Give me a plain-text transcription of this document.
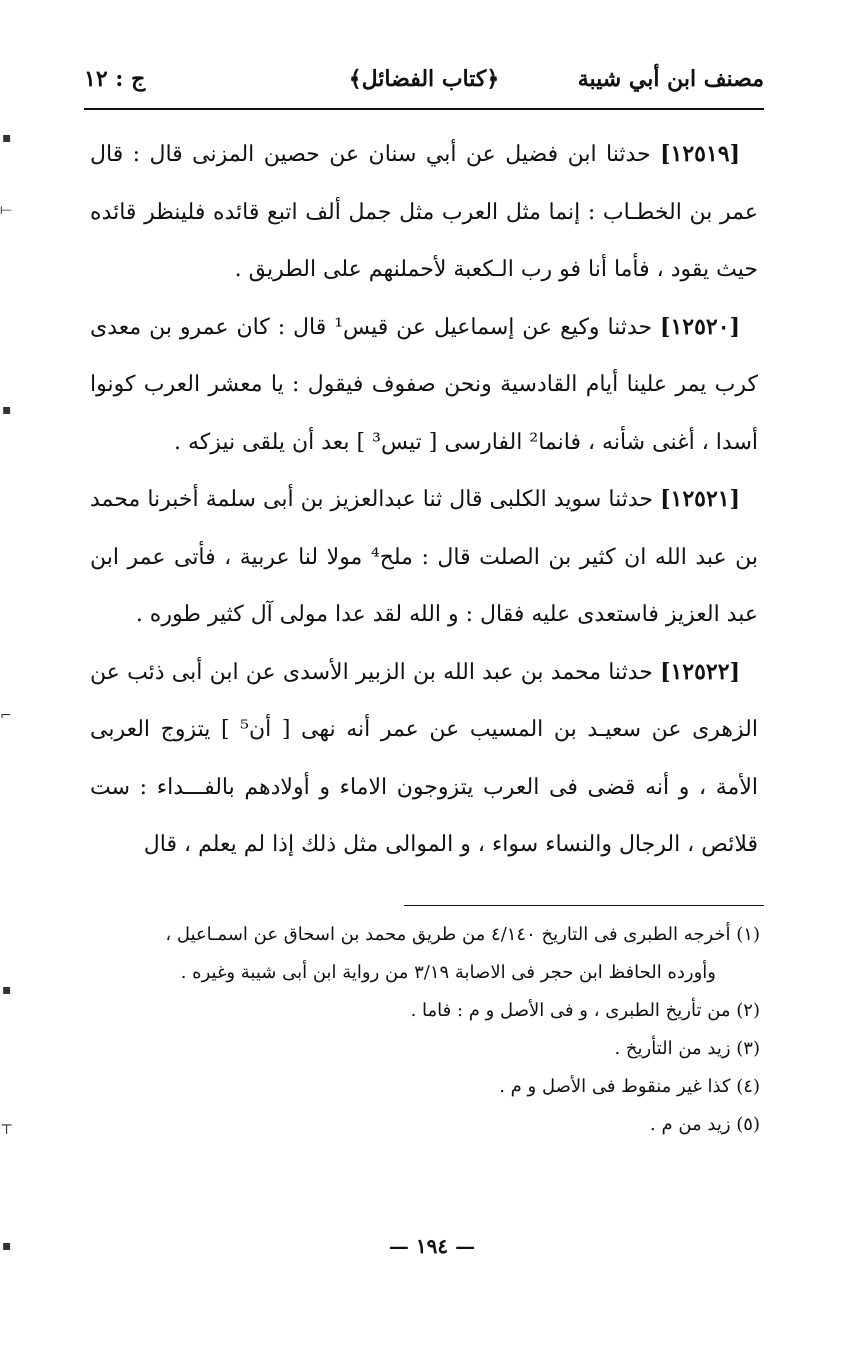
مصنف ابن أبي شيبة
﴿كتاب الفضائل﴾
ج : ١٢

[١٢٥١٩] حدثنا ابن فضيل عن أبي سنان عن حصين المزنى قال : قال عمر بن الخطـاب : إنما مثل العرب مثل جمل ألف اتبع قائده فلينظر قائده حيث يقود ، فأما أنا فو رب الـكعبة لأحملنهم على الطريق .

[١٢٥٢٠] حدثنا وكيع عن إسماعيل عن قيس¹ قال : كان عمرو بن معدى كرب يمر علينا أيام القادسية ونحن صفوف فيقول : يا معشر العرب كونوا أسدا ، أغنى شأنه ، فانما² الفارسى [ تيس³ ] بعد أن يلقى نيزكه .

[١٢٥٢١] حدثنا سويد الكلبى قال ثنا عبدالعزيز بن أبى سلمة أخبرنا محمد بن عبد الله ان كثير بن الصلت قال : ملح⁴ مولا لنا عربية ، فأتى عمر ابن عبد العزيز فاستعدى عليه فقال : و الله لقد عدا مولى آل كثير طوره .

[١٢٥٢٢] حدثنا محمد بن عبد الله بن الزبير الأسدى عن ابن أبى ذئب عن الزهرى عن سعيـد بن المسيب عن عمر أنه نهى [ أن⁵ ] يتزوج العربى الأمة ، و أنه قضى فى العرب يتزوجون الاماء و أولادهم بالفـــداء : ست قلائص ، الرجال والنساء سواء ، و الموالى مثل ذلك إذا لم يعلم ، قال

(١) أخرجه الطبرى فى التاريخ ٤/١٤٠ من طريق محمد بن اسحاق عن اسمـاعيل ،

وأورده الحافظ ابن حجر فى الاصابة ٣/١٩ من رواية ابن أبى شيبة وغيره .

(٢) من تأريخ الطبرى ، و فى الأصل و م : فاما .

(٣) زيد من التأريخ .

(٤) كذا غير منقوط فى الأصل و م .

(٥) زيد من م .

— ١٩٤ —
▪
⟝
▪
⌐
▪
⊤
▪
